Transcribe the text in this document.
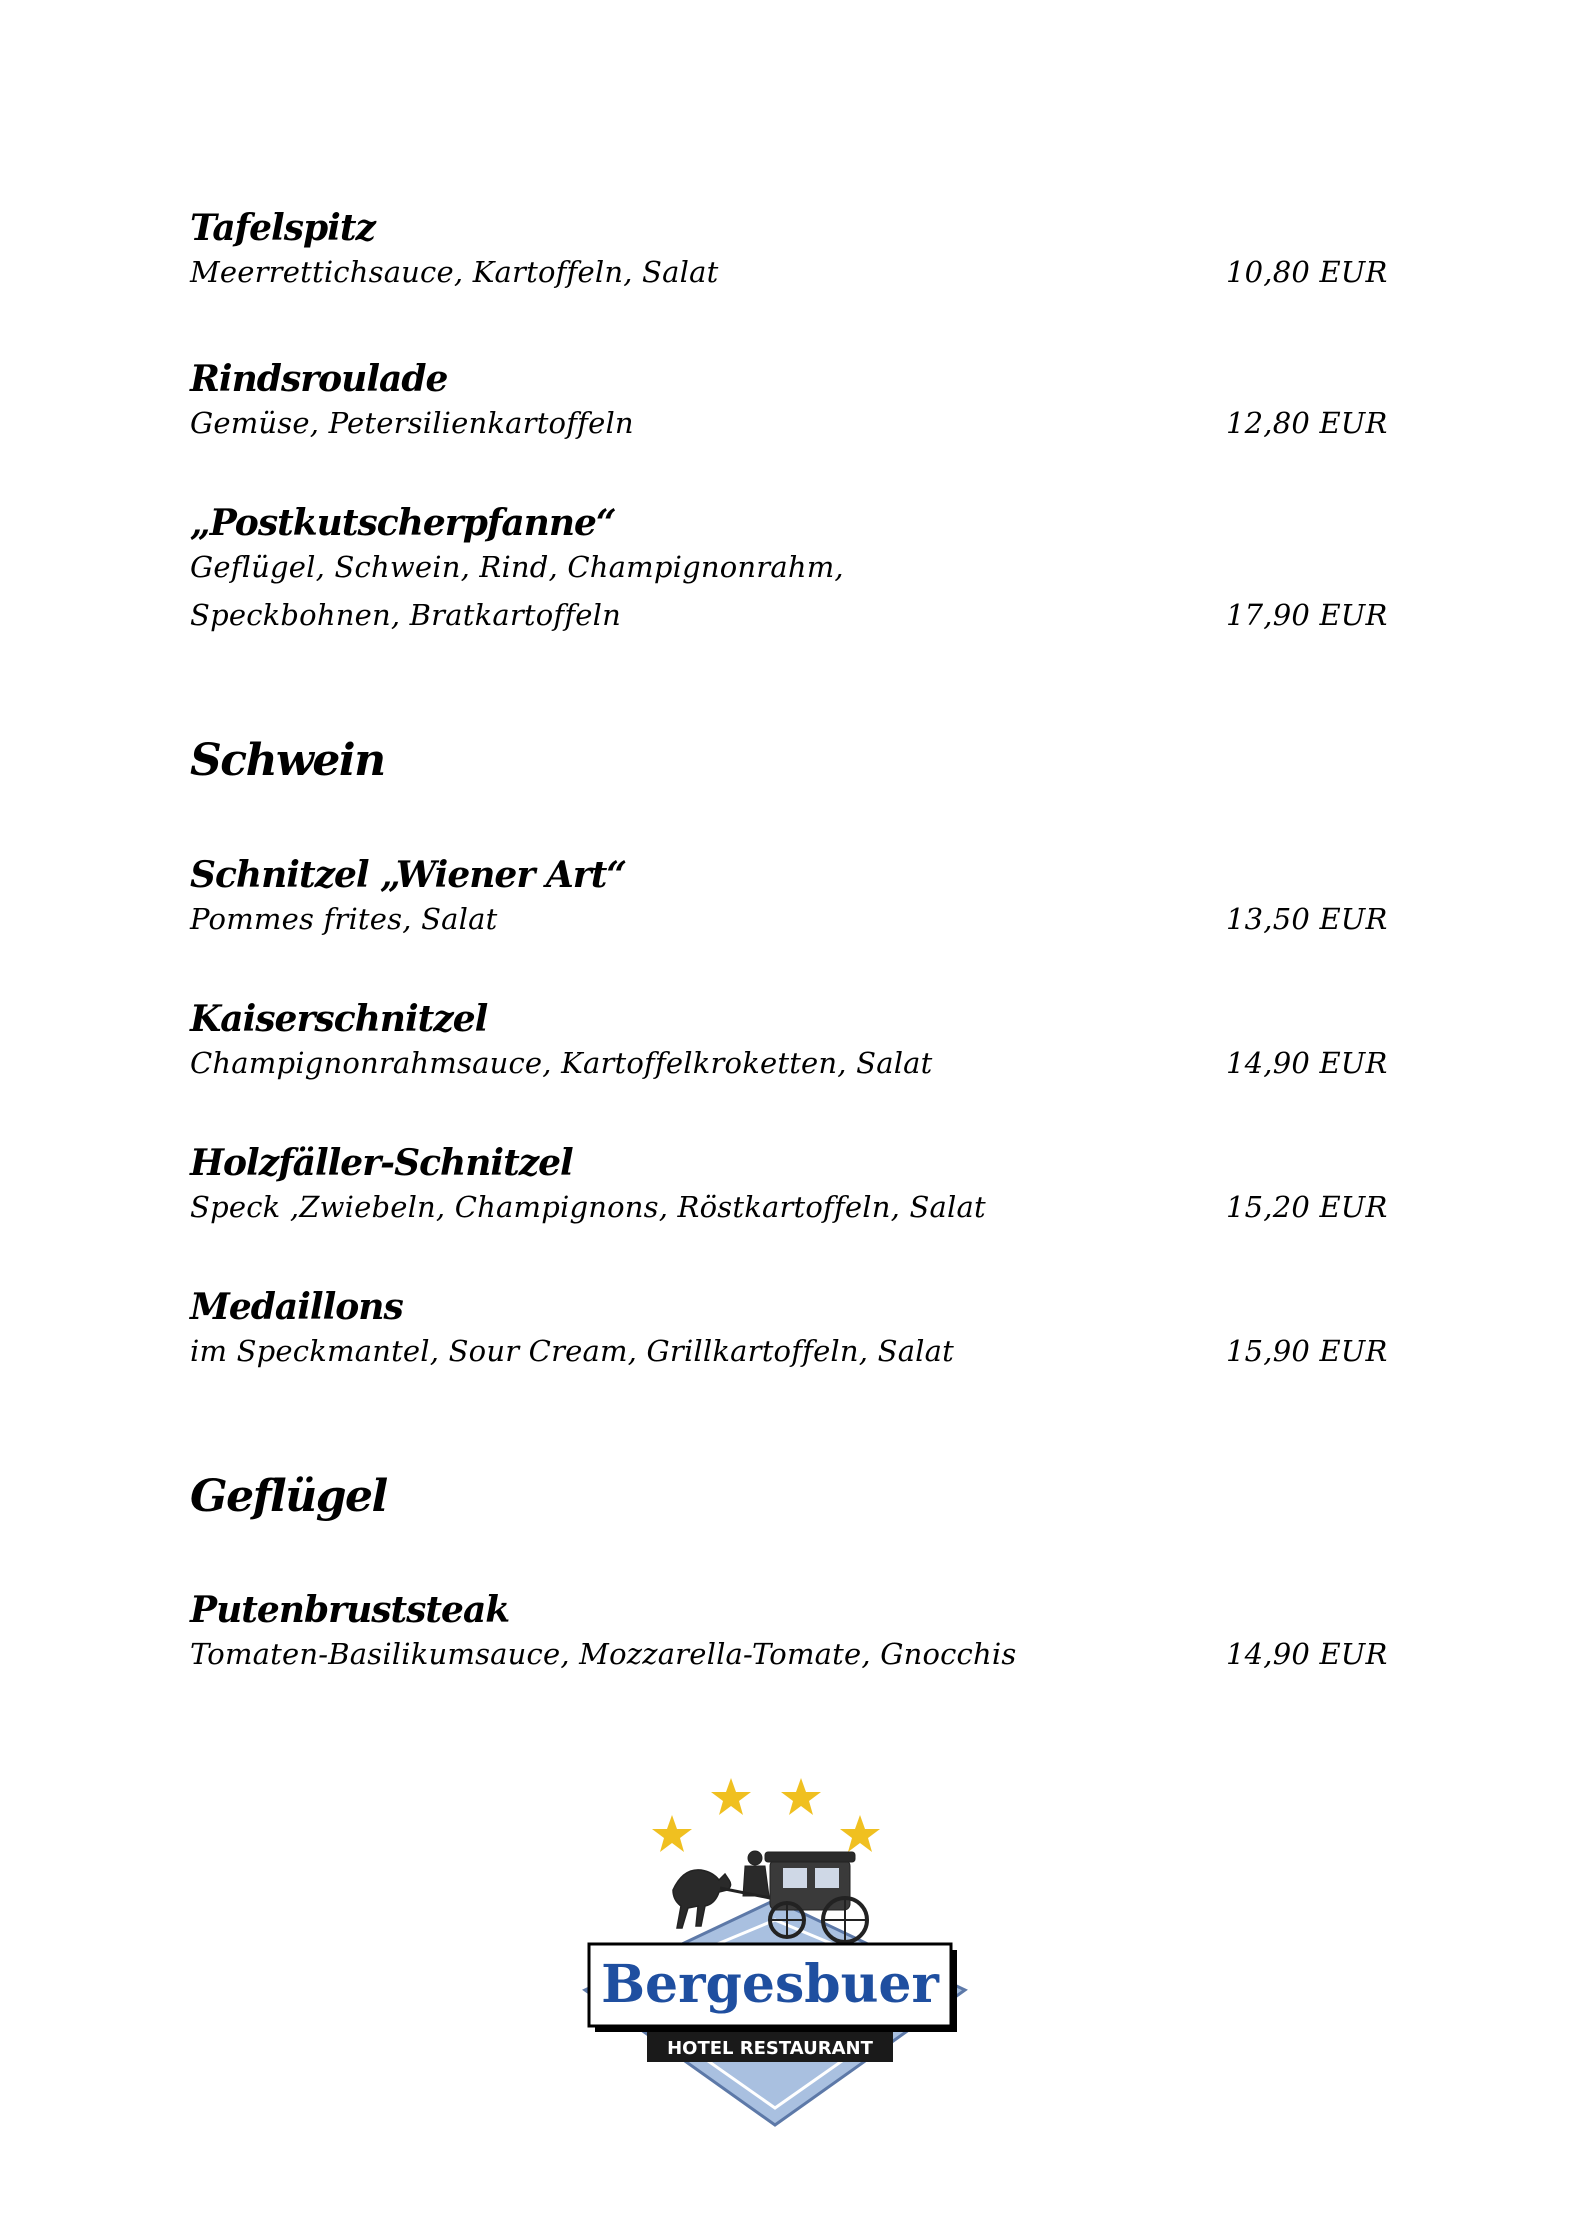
Tafelspitz
Meerrettichsauce, Kartoffeln, Salat	10,80 EUR
Rindsroulade
Gemüse, Petersilienkartoffeln	12,80 EUR
„Postkutscherpfanne“
Geflügel, Schwein, Rind, Champignonrahm,
Speckbohnen, Bratkartoffeln	17,90 EUR
Schwein
Schnitzel „Wiener Art“
Pommes frites, Salat	13,50 EUR
Kaiserschnitzel
Champignonrahmsauce, Kartoffelkroketten, Salat	14,90 EUR
Holzfäller-Schnitzel
Speck ,Zwiebeln, Champignons, Röstkartoffeln, Salat	15,20 EUR
Medaillons
im Speckmantel, Sour Cream, Grillkartoffeln, Salat	15,90 EUR
Geflügel
Putenbruststeak
Tomaten-Basilikumsauce, Mozzarella-Tomate, Gnocchis	14,90 EUR
Bergesbuer
HOTEL RESTAURANT
